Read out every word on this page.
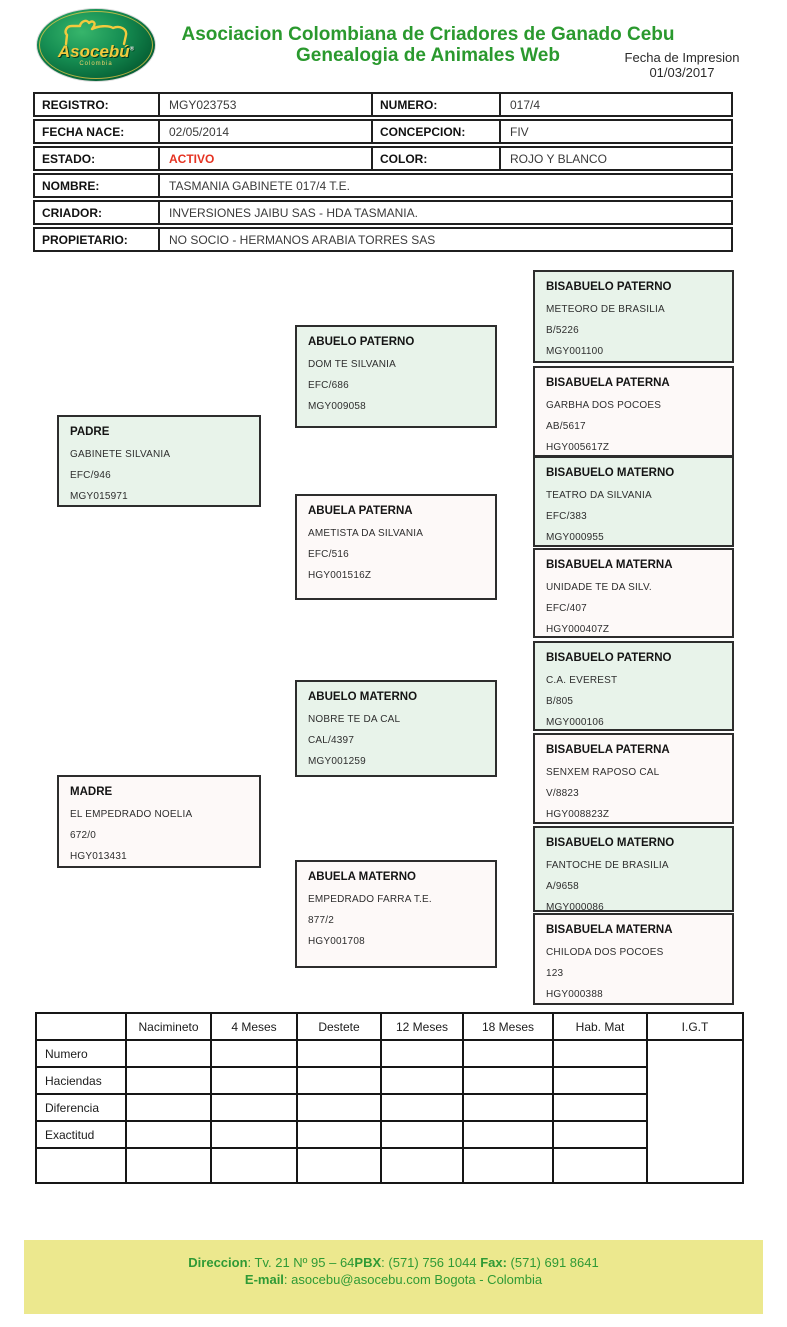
Asocebú®
Colombia
Asociacion Colombiana de Criadores de Ganado Cebu
Genealogia de Animales Web	Fecha de Impresion
01/03/2017
REGISTRO:	MGY023753	NUMERO:	017/4
FECHA NACE:	02/05/2014	CONCEPCION:	FIV
ESTADO:	ACTIVO	COLOR:	ROJO Y BLANCO
NOMBRE:	TASMANIA GABINETE 017/4 T.E.
CRIADOR:	INVERSIONES JAIBU SAS - HDA TASMANIA.
PROPIETARIO:	NO SOCIO - HERMANOS ARABIA TORRES SAS
PADRE
GABINETE SILVANIA
EFC/946
MGY015971
ABUELO PATERNO
DOM TE SILVANIA
EFC/686
MGY009058
ABUELA PATERNA
AMETISTA DA SILVANIA
EFC/516
HGY001516Z
ABUELO MATERNO
NOBRE TE DA CAL
CAL/4397
MGY001259
MADRE
EL EMPEDRADO NOELIA
672/0
HGY013431
ABUELA MATERNO
EMPEDRADO FARRA T.E.
877/2
HGY001708
BISABUELO PATERNO
METEORO DE BRASILIA
B/5226
MGY001100
BISABUELA PATERNA
GARBHA DOS POCOES
AB/5617
HGY005617Z
BISABUELO MATERNO
TEATRO DA SILVANIA
EFC/383
MGY000955
BISABUELA MATERNA
UNIDADE TE DA SILV.
EFC/407
HGY000407Z
BISABUELO PATERNO
C.A. EVEREST
B/805
MGY000106
BISABUELA PATERNA
SENXEM RAPOSO CAL
V/8823
HGY008823Z
BISABUELO MATERNO
FANTOCHE DE BRASILIA
A/9658
MGY000086
BISABUELA MATERNA
CHILODA DOS POCOES
123
HGY000388
	Nacimineto	4 Meses	Destete	12 Meses	18 Meses	Hab. Mat	I.G.T
Numero							
Haciendas							
Diferencia							
Exactitud							

Direccion: Tv. 21 Nº 95 – 64PBX: (571) 756 1044 Fax: (571) 691 8641
E-mail: asocebu@asocebu.com Bogota - Colombia
